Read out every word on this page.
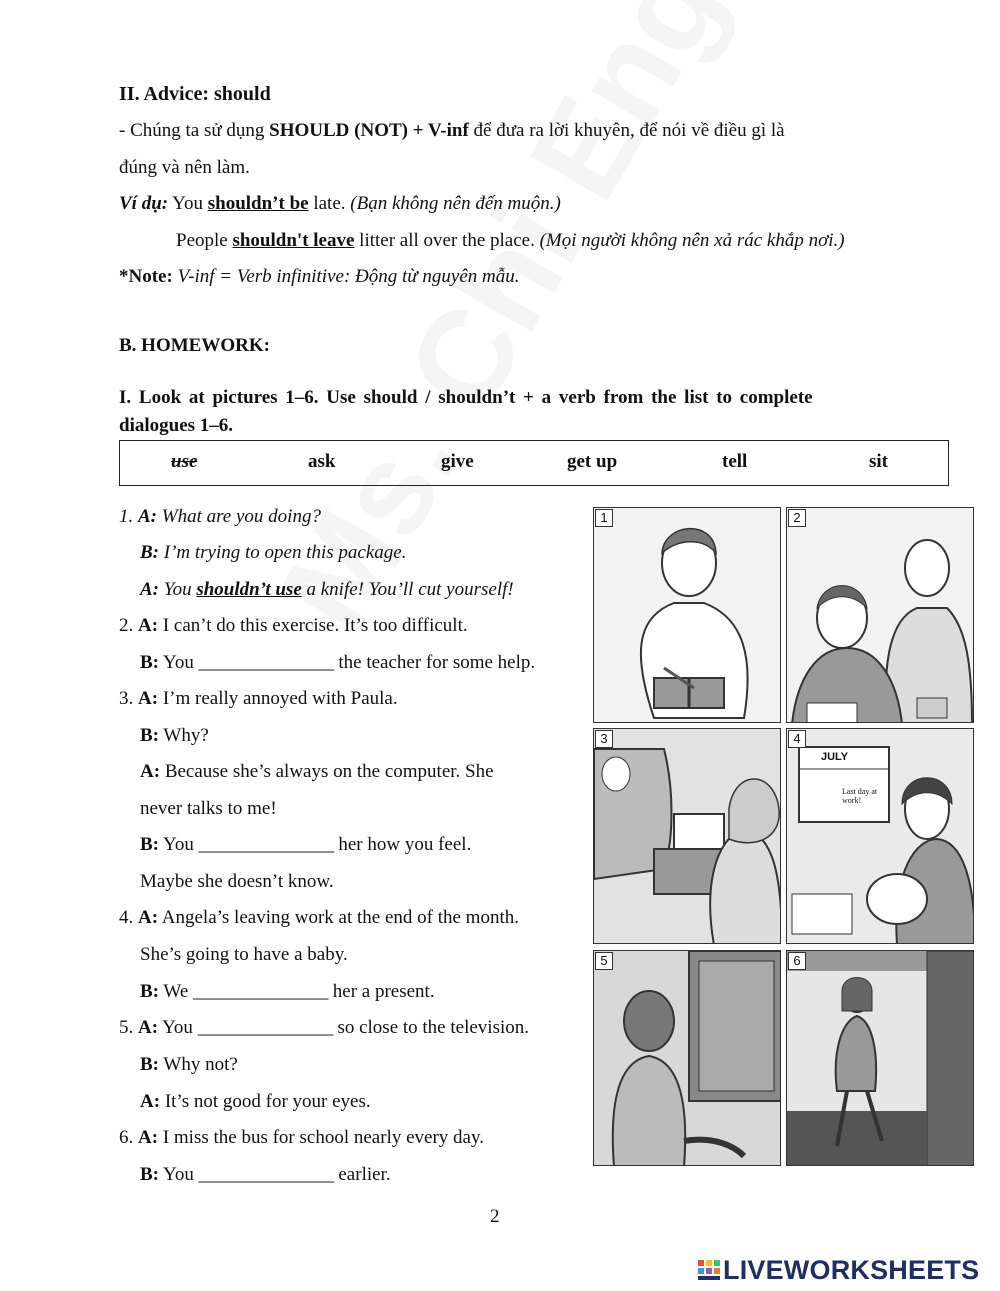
II. Advice: should
- Chúng ta sử dụng SHOULD (NOT) + V-inf để đưa ra lời khuyên, để nói về điều gì là
đúng và nên làm.
Ví dụ: You shouldn’t be late. (Bạn không nên đến muộn.)
People shouldn't leave litter all over the place. (Mọi người không nên xả rác khắp nơi.)
*Note: V-inf = Verb infinitive: Động từ nguyên mẫu.
B. HOMEWORK:
I. Look at pictures 1–6. Use should / shouldn’t + a verb from the list to complete
dialogues 1–6.
use	ask	give	get up	tell	sit
1. A: What are you doing?
B: I’m trying to open this package.
A: You shouldn’t use a knife! You’ll cut yourself!
2. A: I can’t do this exercise. It’s too difficult.
B: You _______________ the teacher for some help.
3. A: I’m really annoyed with Paula.
B: Why?
A: Because she’s always on the computer. She
never talks to me!
B: You _______________ her how you feel.
Maybe she doesn’t know.
4. A: Angela’s leaving work at the end of the month.
She’s going to have a baby.
B: We _______________ her a present.
5. A: You _______________ so close to the television.
B: Why not?
A: It’s not good for your eyes.
6. A: I miss the bus for school nearly every day.
B: You _______________ earlier.
1	2
3	4
JULY
Last day at work!
5	6
2
LIVEWORKSHEETS
